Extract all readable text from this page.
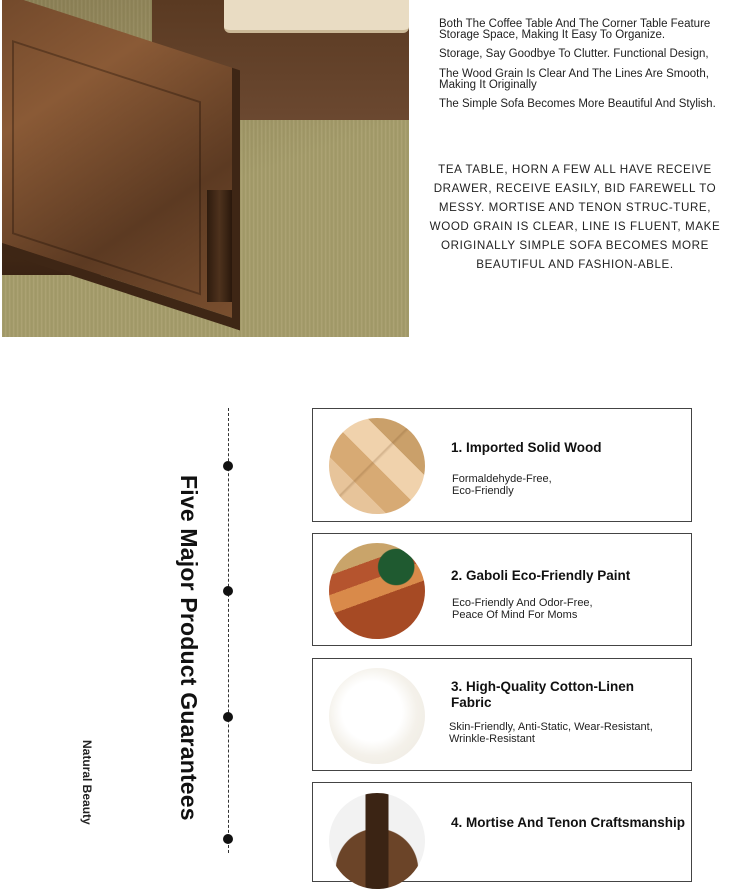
Both The Coffee Table And The Corner Table Feature Storage Space, Making It Easy To Organize.

Storage, Say Goodbye To Clutter. Functional Design,

The Wood Grain Is Clear And The Lines Are Smooth, Making It Originally

The Simple Sofa Becomes More Beautiful And Stylish.

TEA TABLE, HORN A FEW ALL HAVE RECEIVE DRAWER, RECEIVE EASILY, BID FAREWELL TO MESSY. MORTISE AND TENON STRUC-TURE, WOOD GRAIN IS CLEAR, LINE IS FLUENT, MAKE ORIGINALLY SIMPLE SOFA BECOMES MORE BEAUTIFUL AND FASHION-ABLE.
Five Major Product Guarantees
Natural Beauty
1. Imported Solid Wood
Formaldehyde-Free,
Eco-Friendly
2. Gaboli Eco-Friendly Paint
Eco-Friendly And Odor-Free,
Peace Of Mind For Moms
3. High-Quality Cotton-Linen Fabric
Skin-Friendly, Anti-Static, Wear-Resistant,
Wrinkle-Resistant
4. Mortise And Tenon Craftsmanship
